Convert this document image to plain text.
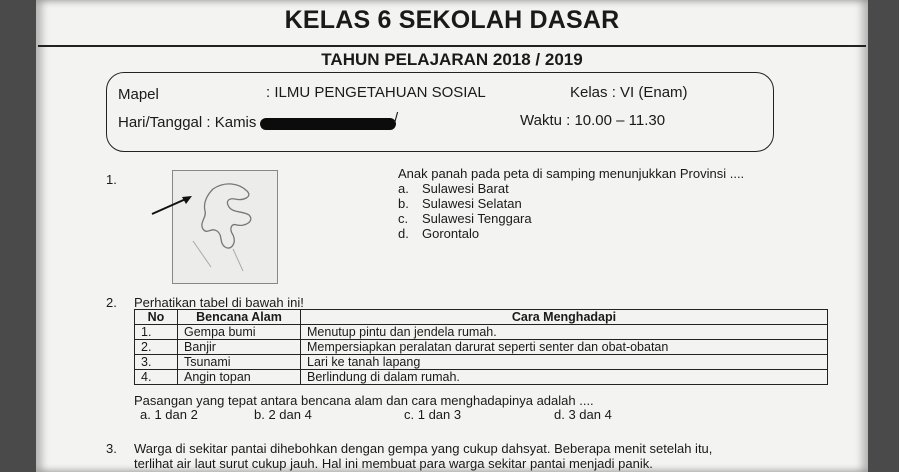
KELAS 6 SEKOLAH DASAR
TAHUN PELAJARAN 2018 / 2019
Mapel	: ILMU PENGETAHUAN SOSIAL	Kelas : VI (Enam)
Hari/Tanggal : Kamis	/	Waktu : 10.00 – 11.30
1.	Anak panah pada peta di samping menunjukkan Provinsi ....
a. Sulawesi Barat
b. Sulawesi Selatan
c. Sulawesi Tenggara
d. Gorontalo
2. Perhatikan tabel di bawah ini!
No	Bencana Alam	Cara Menghadapi
1.	Gempa bumi	Menutup pintu dan jendela rumah.
2.	Banjir	Mempersiapkan peralatan darurat seperti senter dan obat-obatan
3.	Tsunami	Lari ke tanah lapang
4.	Angin topan	Berlindung di dalam rumah.
Pasangan yang tepat antara bencana alam dan cara menghadapinya adalah ....
a. 1 dan 2	b. 2 dan 4	c. 1 dan 3	d. 3 dan 4
3. Warga di sekitar pantai dihebohkan dengan gempa yang cukup dahsyat. Beberapa menit setelah itu,
terlihat air laut surut cukup jauh. Hal ini membuat para warga sekitar pantai menjadi panik.
